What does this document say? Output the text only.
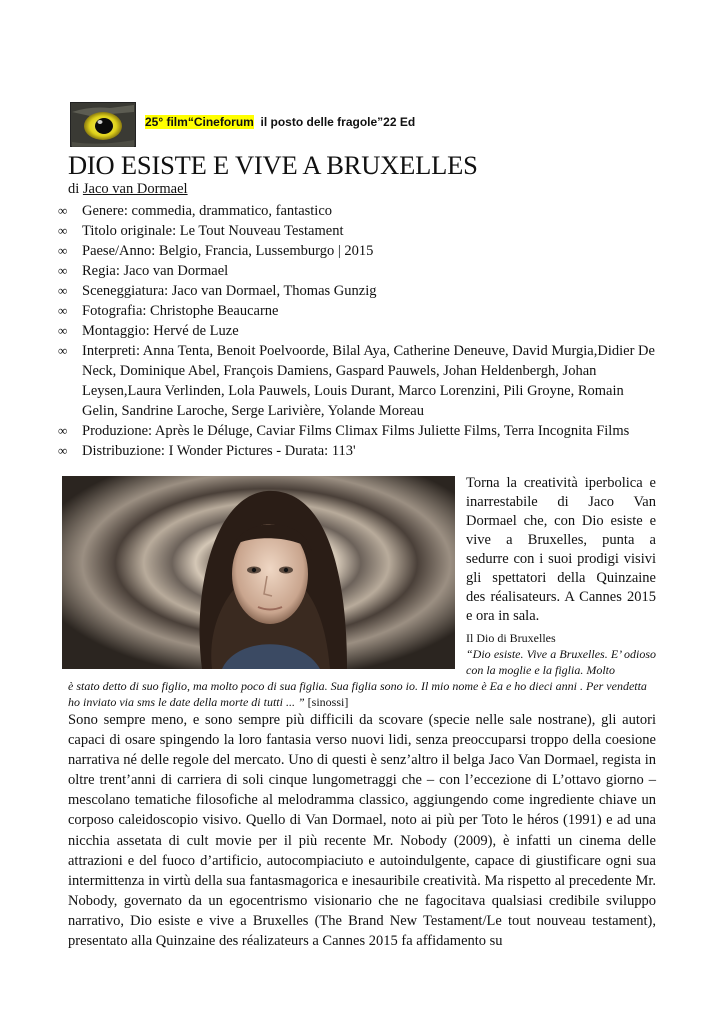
25° film“Cineforum il posto delle fragole”22 Ed
DIO ESISTE E VIVE A BRUXELLES
di Jaco van Dormael
∞ Genere: commedia, drammatico, fantastico
∞ Titolo originale: Le Tout Nouveau Testament
∞ Paese/Anno: Belgio, Francia, Lussemburgo | 2015
∞ Regia: Jaco van Dormael
∞ Sceneggiatura: Jaco van Dormael, Thomas Gunzig
∞ Fotografia: Christophe Beaucarne
∞ Montaggio: Hervé de Luze
∞ Interpreti: Anna Tenta, Benoit Poelvoorde, Bilal Aya, Catherine Deneuve, David Murgia,Didier De Neck, Dominique Abel, François Damiens, Gaspard Pauwels, Johan Heldenbergh, Johan Leysen,Laura Verlinden, Lola Pauwels, Louis Durant, Marco Lorenzini, Pili Groyne, Romain Gelin, Sandrine Laroche, Serge Larivière, Yolande Moreau
∞ Produzione: Après le Déluge, Caviar Films Climax Films Juliette Films, Terra Incognita Films
∞ Distribuzione: I Wonder Pictures - Durata: 113'
Torna la creatività iperbolica e inarrestabile di Jaco Van Dormael che, con Dio esiste e vive a Bruxelles, punta a sedurre con i suoi prodigi visivi gli spettatori della Quinzaine des réalisateurs. A Cannes 2015 e ora in sala.
Il Dio di Bruxelles
“Dio esiste. Vive a Bruxelles. E’ odioso con la moglie e la figlia. Molto
è stato detto di suo figlio, ma molto poco di sua figlia. Sua figlia sono io. Il mio nome è Ea e ho dieci anni . Per vendetta ho inviato via sms le date della morte di tutti ... ” [sinossi]

Sono sempre meno, e sono sempre più difficili da scovare (specie nelle sale nostrane), gli autori capaci di osare spingendo la loro fantasia verso nuovi lidi, senza preoccuparsi troppo della coesione narrativa né delle regole del mercato. Uno di questi è senz’altro il belga Jaco Van Dormael, regista in oltre trent’anni di carriera di soli cinque lungometraggi che – con l’eccezione di L’ottavo giorno – mescolano tematiche filosofiche al melodramma classico, aggiungendo come ingrediente chiave un corposo caleidoscopio visivo. Quello di Van Dormael, noto ai più per Toto le héros (1991) e ad una nicchia assetata di cult movie per il più recente Mr. Nobody (2009), è infatti un cinema delle attrazioni e del fuoco d’artificio, autocompiaciuto e autoindulgente, capace di giustificare ogni sua intermittenza in virtù della sua fantasmagorica e inesauribile creatività. Ma rispetto al precedente Mr. Nobody, governato da un egocentrismo visionario che ne fagocitava qualsiasi credibile sviluppo narrativo, Dio esiste e vive a Bruxelles (The Brand New Testament/Le tout nouveau testament), presentato alla Quinzaine des réalizateurs a Cannes 2015 fa affidamento su
